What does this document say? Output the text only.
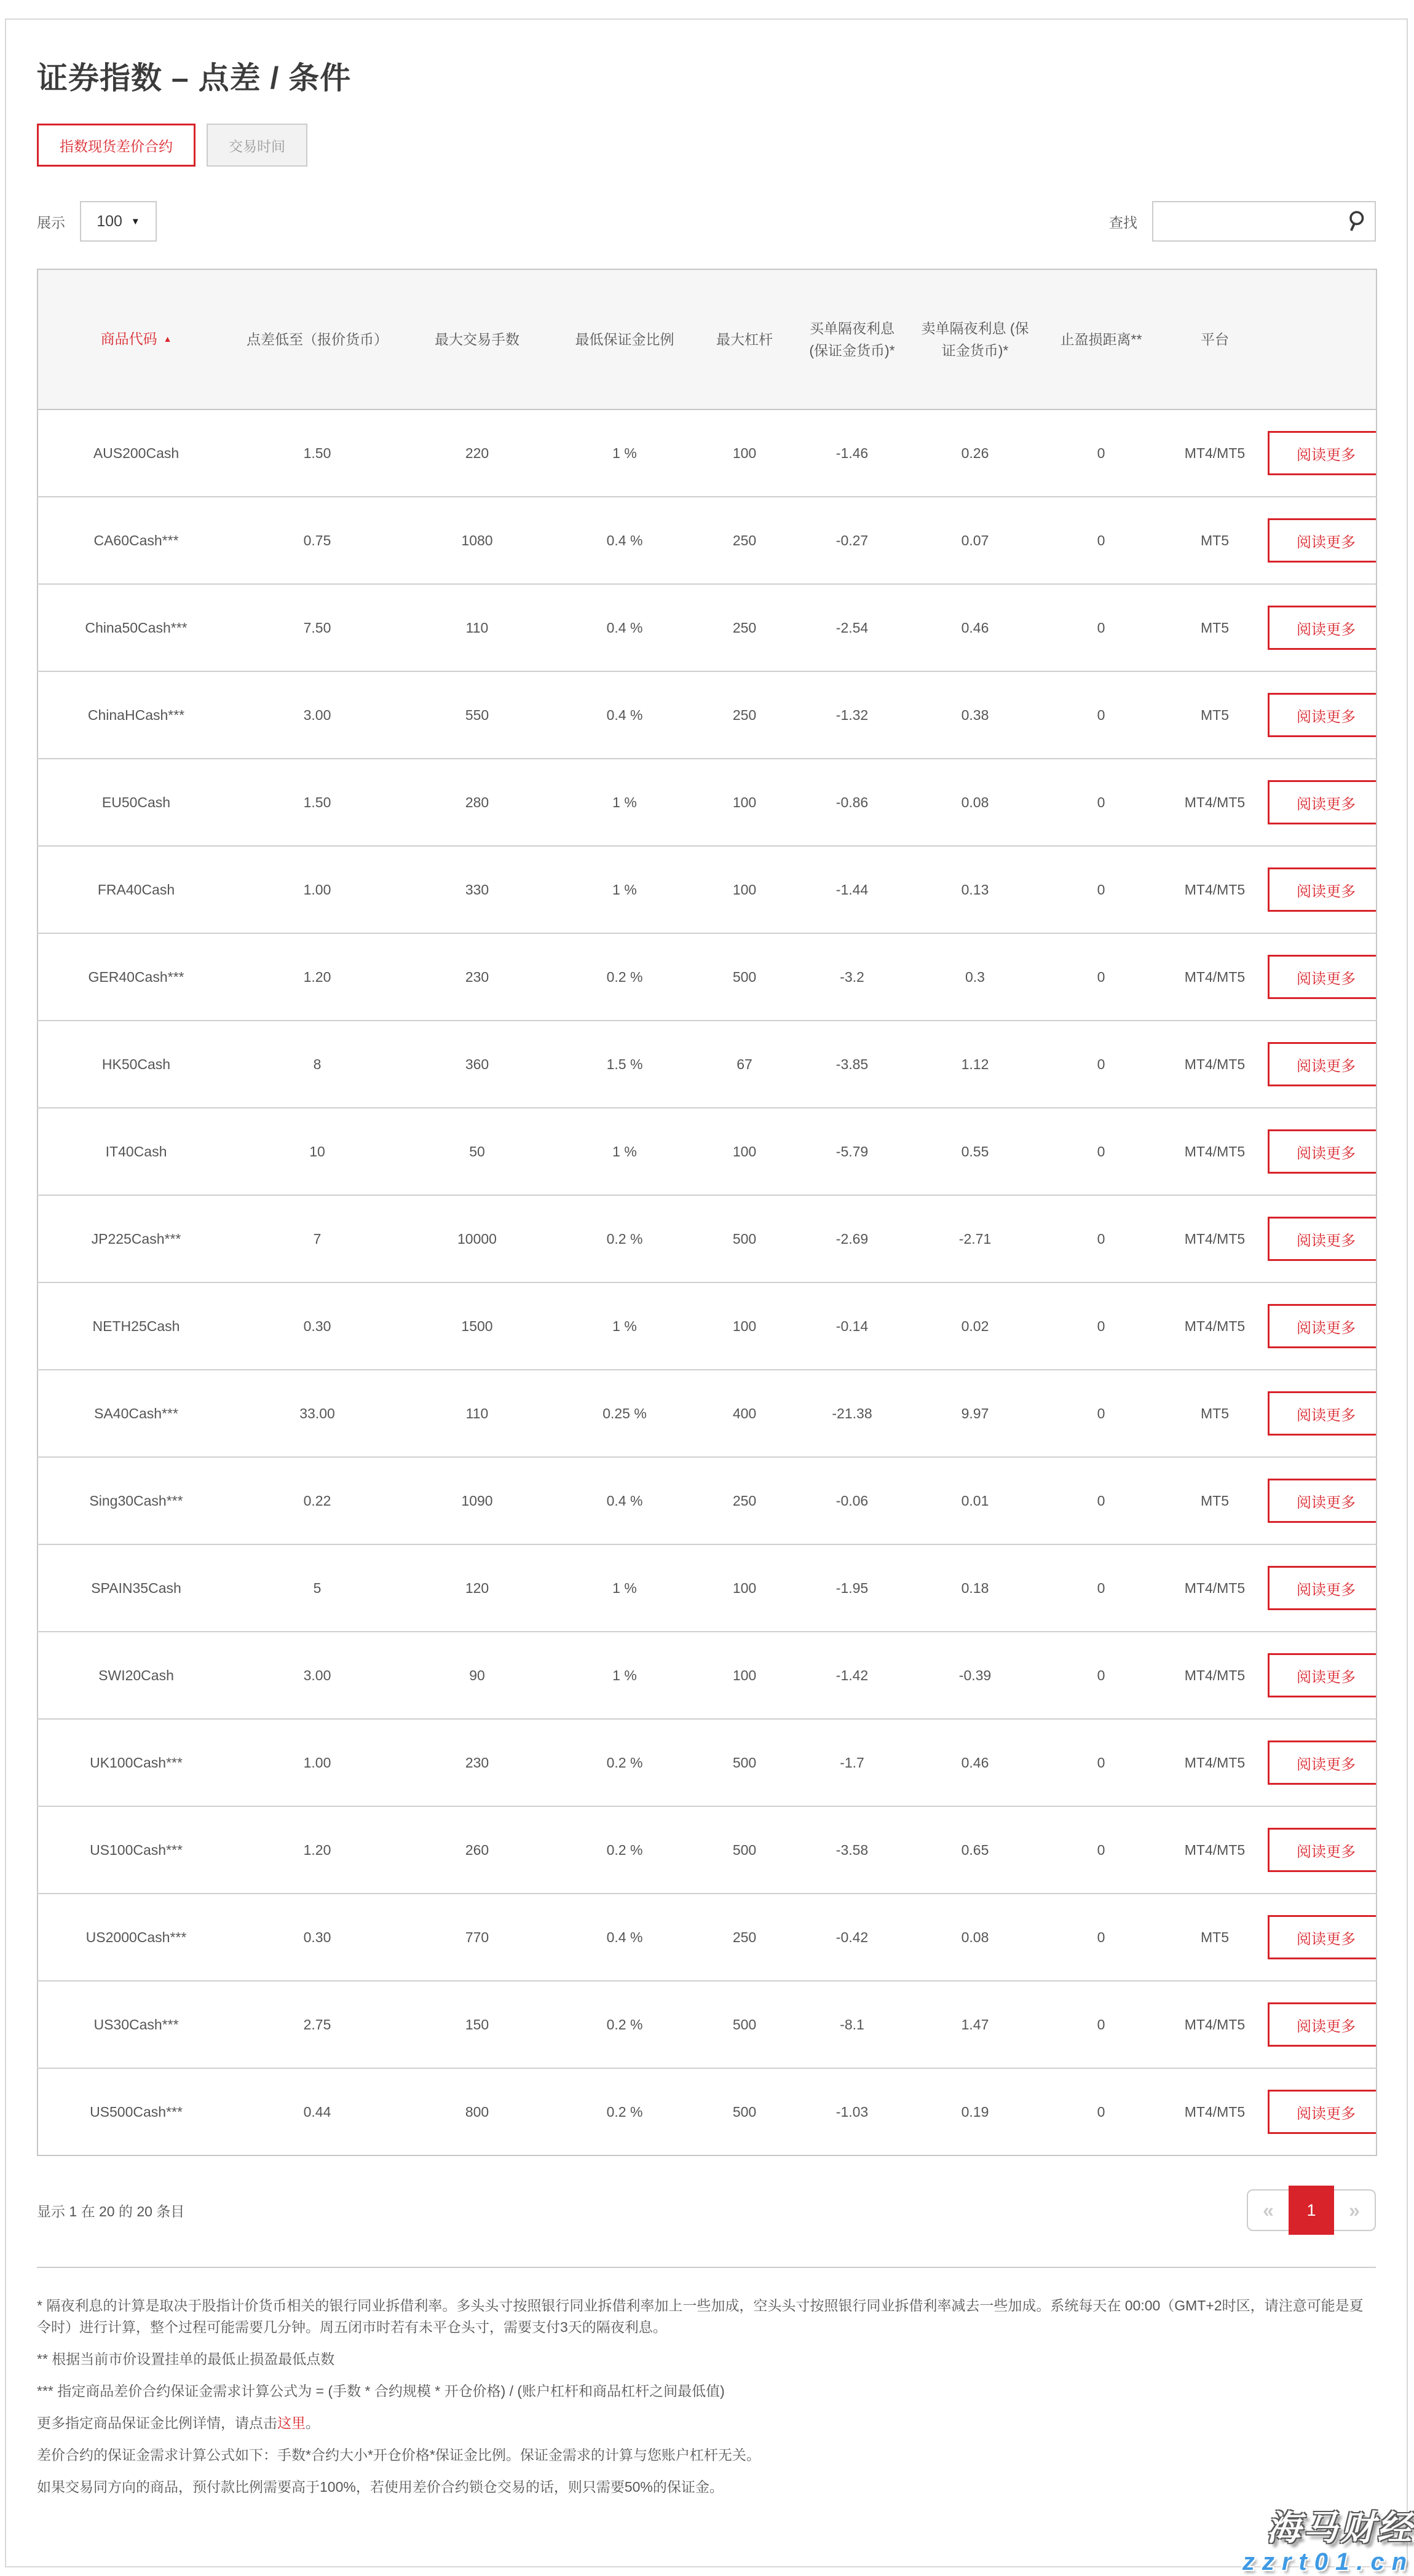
证券指数 – 点差 / 条件
指数现货差价合约	交易时间
展示 100 ▼	查找
商品代码 ▲	点差低至（报价货币）	最大交易手数	最低保证金比例	最大杠杆	买单隔夜利息 (保证金货币)*	卖单隔夜利息 (保证金货币)*	止盈损距离**	平台	
AUS200Cash	1.50	220	1 %	100	-1.46	0.26	0	MT4/MT5	阅读更多
CA60Cash***	0.75	1080	0.4 %	250	-0.27	0.07	0	MT5	阅读更多
China50Cash***	7.50	110	0.4 %	250	-2.54	0.46	0	MT5	阅读更多
ChinaHCash***	3.00	550	0.4 %	250	-1.32	0.38	0	MT5	阅读更多
EU50Cash	1.50	280	1 %	100	-0.86	0.08	0	MT4/MT5	阅读更多
FRA40Cash	1.00	330	1 %	100	-1.44	0.13	0	MT4/MT5	阅读更多
GER40Cash***	1.20	230	0.2 %	500	-3.2	0.3	0	MT4/MT5	阅读更多
HK50Cash	8	360	1.5 %	67	-3.85	1.12	0	MT4/MT5	阅读更多
IT40Cash	10	50	1 %	100	-5.79	0.55	0	MT4/MT5	阅读更多
JP225Cash***	7	10000	0.2 %	500	-2.69	-2.71	0	MT4/MT5	阅读更多
NETH25Cash	0.30	1500	1 %	100	-0.14	0.02	0	MT4/MT5	阅读更多
SA40Cash***	33.00	110	0.25 %	400	-21.38	9.97	0	MT5	阅读更多
Sing30Cash***	0.22	1090	0.4 %	250	-0.06	0.01	0	MT5	阅读更多
SPAIN35Cash	5	120	1 %	100	-1.95	0.18	0	MT4/MT5	阅读更多
SWI20Cash	3.00	90	1 %	100	-1.42	-0.39	0	MT4/MT5	阅读更多
UK100Cash***	1.00	230	0.2 %	500	-1.7	0.46	0	MT4/MT5	阅读更多
US100Cash***	1.20	260	0.2 %	500	-3.58	0.65	0	MT4/MT5	阅读更多
US2000Cash***	0.30	770	0.4 %	250	-0.42	0.08	0	MT5	阅读更多
US30Cash***	2.75	150	0.2 %	500	-8.1	1.47	0	MT4/MT5	阅读更多
US500Cash***	0.44	800	0.2 %	500	-1.03	0.19	0	MT4/MT5	阅读更多
显示 1 在 20 的 20 条目	«	1	»

* 隔夜利息的计算是取决于股指计价货币相关的银行同业拆借利率。多头头寸按照银行同业拆借利率加上一些加成，空头头寸按照银行同业拆借利率减去一些加成。系统每天在 00:00（GMT+2时区，请注意可能是夏令时）进行计算，整个过程可能需要几分钟。周五闭市时若有未平仓头寸，需要支付3天的隔夜利息。

** 根据当前市价设置挂单的最低止损盈最低点数

*** 指定商品差价合约保证金需求计算公式为 = (手数 * 合约规模 * 开仓价格) / (账户杠杆和商品杠杆之间最低值)

更多指定商品保证金比例详情，请点击这里。

差价合约的保证金需求计算公式如下：手数*合约大小*开仓价格*保证金比例。保证金需求的计算与您账户杠杆无关。

如果交易同方向的商品，预付款比例需要高于100%，若使用差价合约锁仓交易的话，则只需要50%的保证金。

海马财经
zzrt01.cn
